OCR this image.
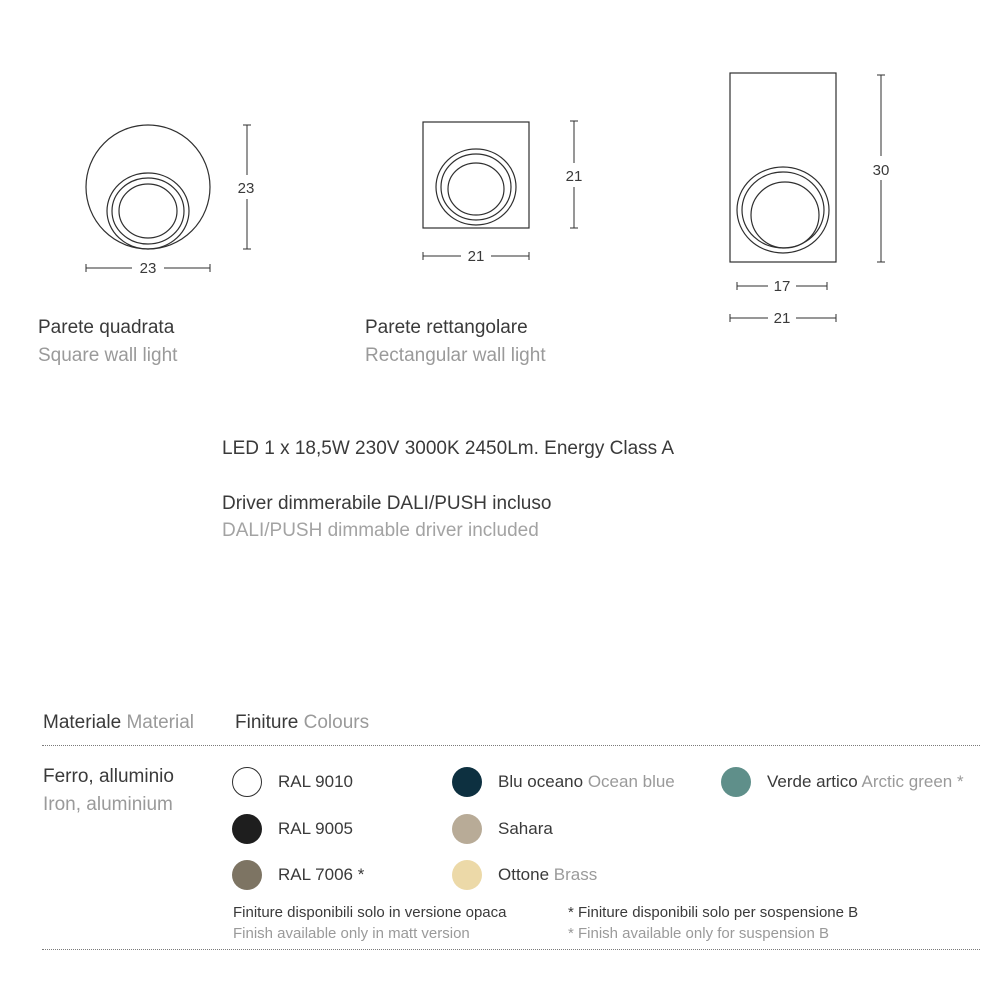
23
23
21
21
30
17
21
Parete quadrata
Square wall light
Parete rettangolare
Rectangular wall light
LED 1 x 18,5W 230V 3000K 2450Lm. Energy Class A
Driver dimmerabile DALI/PUSH incluso
DALI/PUSH dimmable driver included
Materiale Material Finiture Colours
Ferro, alluminio
Iron, aluminium
RAL 9010	Blu oceano Ocean blue	Verde artico Arctic green *
RAL 9005	Sahara
RAL 7006 *	Ottone Brass
Finiture disponibili solo in versione opaca
Finish available only in matt version
* Finiture disponibili solo per sospensione B
* Finish available only for suspension B
